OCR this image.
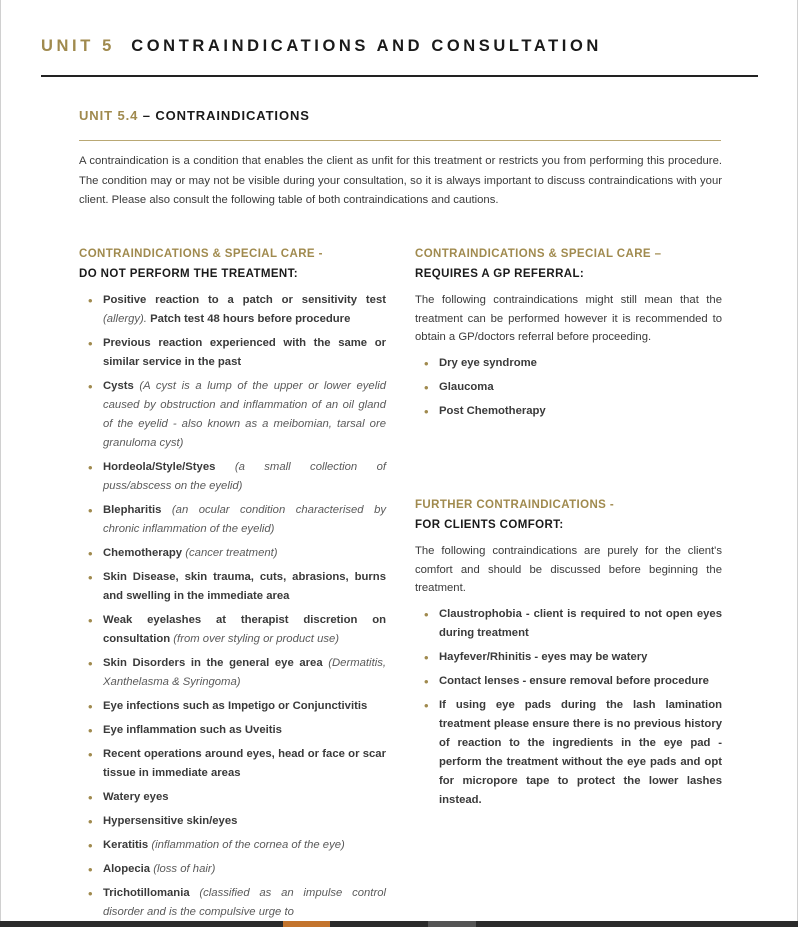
UNIT 5 CONTRAINDICATIONS AND CONSULTATION
UNIT 5.4 – CONTRAINDICATIONS

A contraindication is a condition that enables the client as unfit for this treatment or restricts you from performing this procedure. The condition may or may not be visible during your consultation, so it is always important to discuss contraindications with your client. Please also consult the following table of both contraindications and cautions.

CONTRAINDICATIONS & SPECIAL CARE -
DO NOT PERFORM THE TREATMENT:
• Positive reaction to a patch or sensitivity test (allergy). Patch test 48 hours before procedure
• Previous reaction experienced with the same or similar service in the past
• Cysts (A cyst is a lump of the upper or lower eyelid caused by obstruction and inflammation of an oil gland of the eyelid - also known as a meibomian, tarsal ore granuloma cyst)
• Hordeola/Style/Styes (a small collection of puss/abscess on the eyelid)
• Blepharitis (an ocular condition characterised by chronic inflammation of the eyelid)
• Chemotherapy (cancer treatment)
• Skin Disease, skin trauma, cuts, abrasions, burns and swelling in the immediate area
• Weak eyelashes at therapist discretion on consultation (from over styling or product use)
• Skin Disorders in the general eye area (Dermatitis, Xanthelasma & Syringoma)
• Eye infections such as Impetigo or Conjunctivitis
• Eye inflammation such as Uveitis
• Recent operations around eyes, head or face or scar tissue in immediate areas
• Watery eyes
• Hypersensitive skin/eyes
• Keratitis (inflammation of the cornea of the eye)
• Alopecia (loss of hair)
• Trichotillomania (classified as an impulse control disorder and is the compulsive urge to
CONTRAINDICATIONS & SPECIAL CARE –
REQUIRES A GP REFERRAL:

The following contraindications might still mean that the treatment can be performed however it is recommended to obtain a GP/doctors referral before proceeding.

• Dry eye syndrome
• Glaucoma
• Post Chemotherapy
FURTHER CONTRAINDICATIONS -
FOR CLIENTS COMFORT:

The following contraindications are purely for the client's comfort and should be discussed before beginning the treatment.

• Claustrophobia - client is required to not open eyes during treatment
• Hayfever/Rhinitis - eyes may be watery
• Contact lenses - ensure removal before procedure
• If using eye pads during the lash lamination treatment please ensure there is no previous history of reaction to the ingredients in the eye pad - perform the treatment without the eye pads and opt for micropore tape to protect the lower lashes instead.
